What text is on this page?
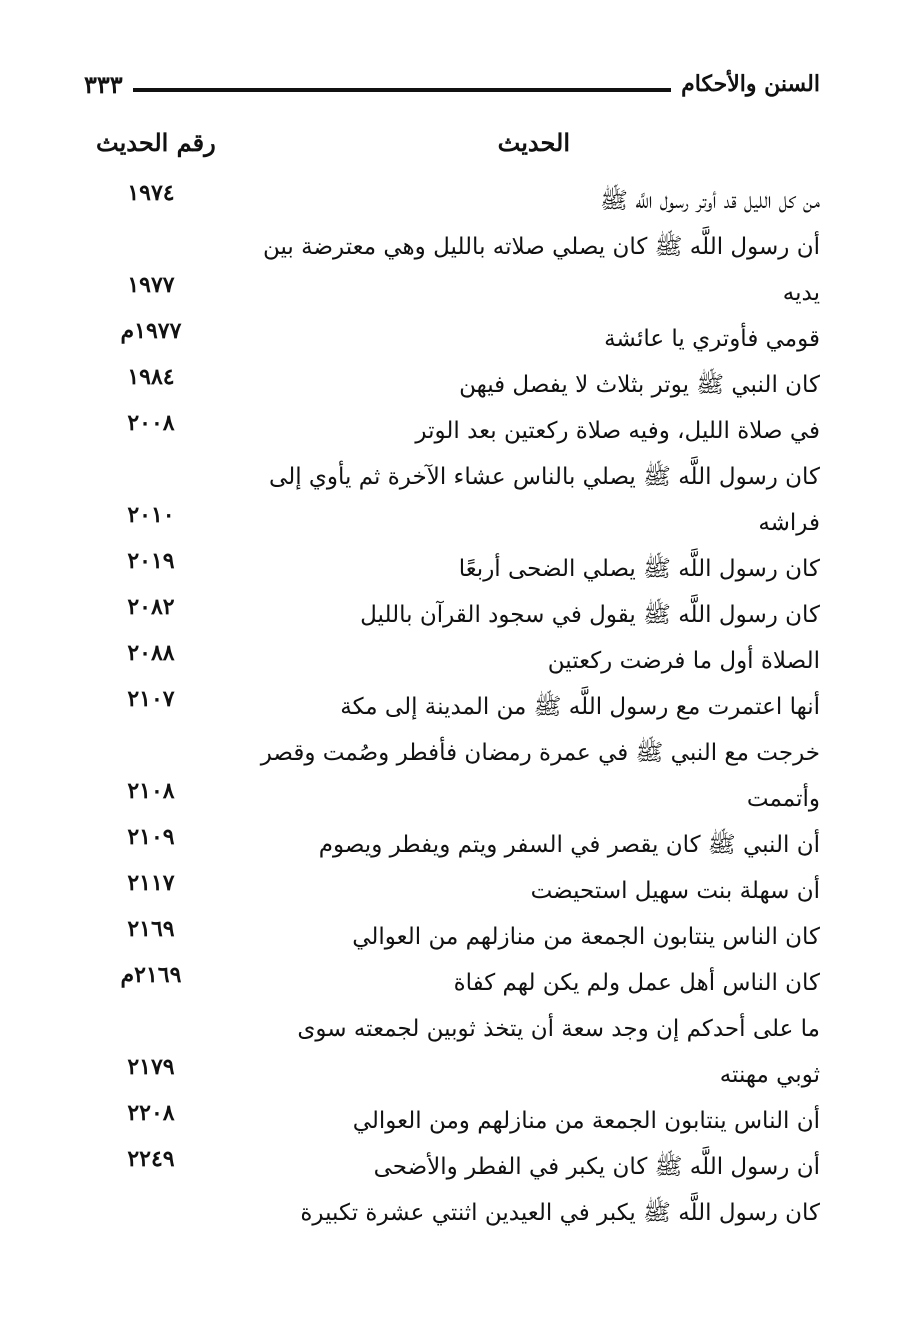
السنن والأحكام
٣٣٣
الحديث
رقم الحديث
من كل الليل قد أوتر رسول اللَّه ﷺ
١٩٧٤
أن رسول اللَّه ﷺ كان يصلي صلاته بالليل وهي معترضة بين يديه
١٩٧٧
قومي فأوتري يا عائشة
١٩٧٧م
كان النبي ﷺ يوتر بثلاث لا يفصل فيهن
١٩٨٤
في صلاة الليل، وفيه صلاة ركعتين بعد الوتر
٢٠٠٨
كان رسول اللَّه ﷺ يصلي بالناس عشاء الآخرة ثم يأوي إلى فراشه
٢٠١٠
كان رسول اللَّه ﷺ يصلي الضحى أربعًا
٢٠١٩
كان رسول اللَّه ﷺ يقول في سجود القرآن بالليل
٢٠٨٢
الصلاة أول ما فرضت ركعتين
٢٠٨٨
أنها اعتمرت مع رسول اللَّه ﷺ من المدينة إلى مكة
٢١٠٧
خرجت مع النبي ﷺ في عمرة رمضان فأفطر وصُمت وقصر وأتممت
٢١٠٨
أن النبي ﷺ كان يقصر في السفر ويتم ويفطر ويصوم
٢١٠٩
أن سهلة بنت سهيل استحيضت
٢١١٧
كان الناس ينتابون الجمعة من منازلهم من العوالي
٢١٦٩
كان الناس أهل عمل ولم يكن لهم كفاة
٢١٦٩م
ما على أحدكم إن وجد سعة أن يتخذ ثوبين لجمعته سوى ثوبي مهنته
٢١٧٩
أن الناس ينتابون الجمعة من منازلهم ومن العوالي
٢٢٠٨
أن رسول اللَّه ﷺ كان يكبر في الفطر والأضحى
٢٢٤٩
كان رسول اللَّه ﷺ يكبر في العيدين اثنتي عشرة تكبيرة
